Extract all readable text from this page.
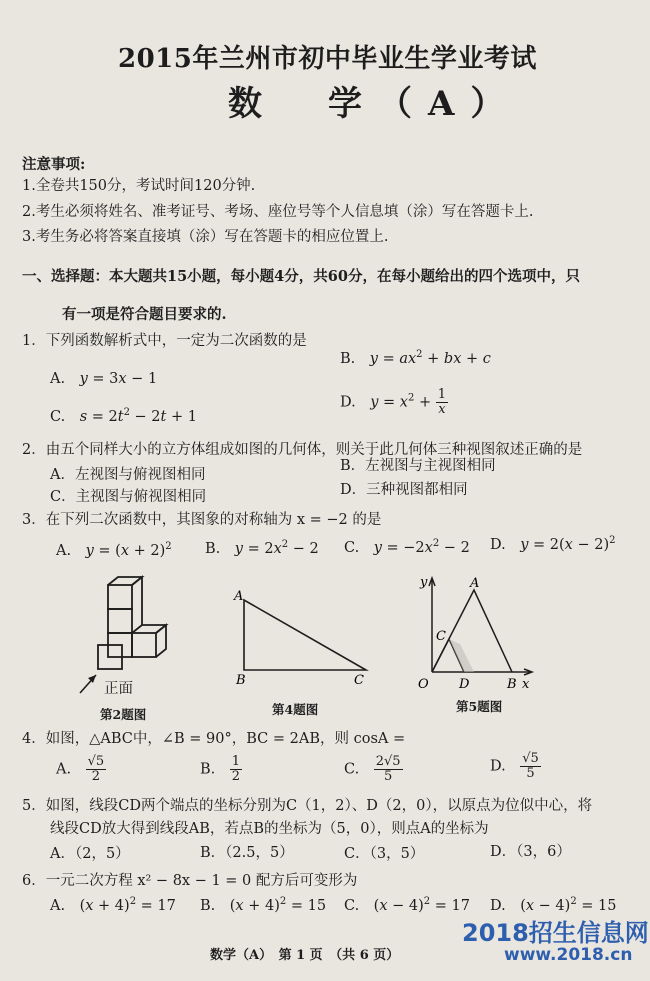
2015年兰州市初中毕业生学业考试
数　学（A）
注意事项:
1.全卷共150分，考试时间120分钟.
2.考生必须将姓名、准考证号、考场、座位号等个人信息填（涂）写在答题卡上.
3.考生务必将答案直接填（涂）写在答题卡的相应位置上.
一、选择题：本大题共15小题，每小题4分，共60分，在每小题给出的四个选项中，只
有一项是符合题目要求的.
1．下列函数解析式中，一定为二次函数的是
B.　$y = ax^2$ + bx + c
A.　y = 3x − 1
D.　$y = x^2 + \frac{1}{x}$
C.　$s = 2t^2 - 2t + 1$
2．由五个同样大小的立方体组成如图的几何体，则关于此几何体三种视图叙述正确的是
B．左视图与主视图相同
A．左视图与俯视图相同
D．三种视图都相同
C．主视图与俯视图相同
3．在下列二次函数中，其图象的对称轴为 x = −2 的是
A.　$y = (x + 2)^2$ B.　$y = 2x^2 - 2$ C.　$y = -2x^2 - 2$ D.　$y = 2(x - 2)^2$
正面
第2题图
A
B	C
第4题图
y	A
C
O D	B x
第5题图
4．如图，△ABC中，∠B = 90°，BC = 2AB，则 cosA =
A.　 $\frac{√5}{2}$	B.　 $\frac{1}{2}$	C.　 $\frac{2√5}{5}$	D.　 $\frac{√5}{5}$
5．如图，线段CD两个端点的坐标分别为C（1，2）、D（2，0），以原点为位似中心，将
线段CD放大得到线段AB，若点B的坐标为（5，0），则点A的坐标为
A．（2，5）	B．（2.5，5）	C．（3，5）	D．（3，6）
6．一元二次方程 x² − 8x − 1 = 0 配方后可变形为
A.　$(x + 4)^2 = 17$ B.　$(x + 4)^2 = 15$ C.　$(x - 4)^2 = 17$ D.　$(x - 4)^2 = 15$
数学（A）　第 1 页　（共 6 页）
2018招生信息网
www.2018.cn
